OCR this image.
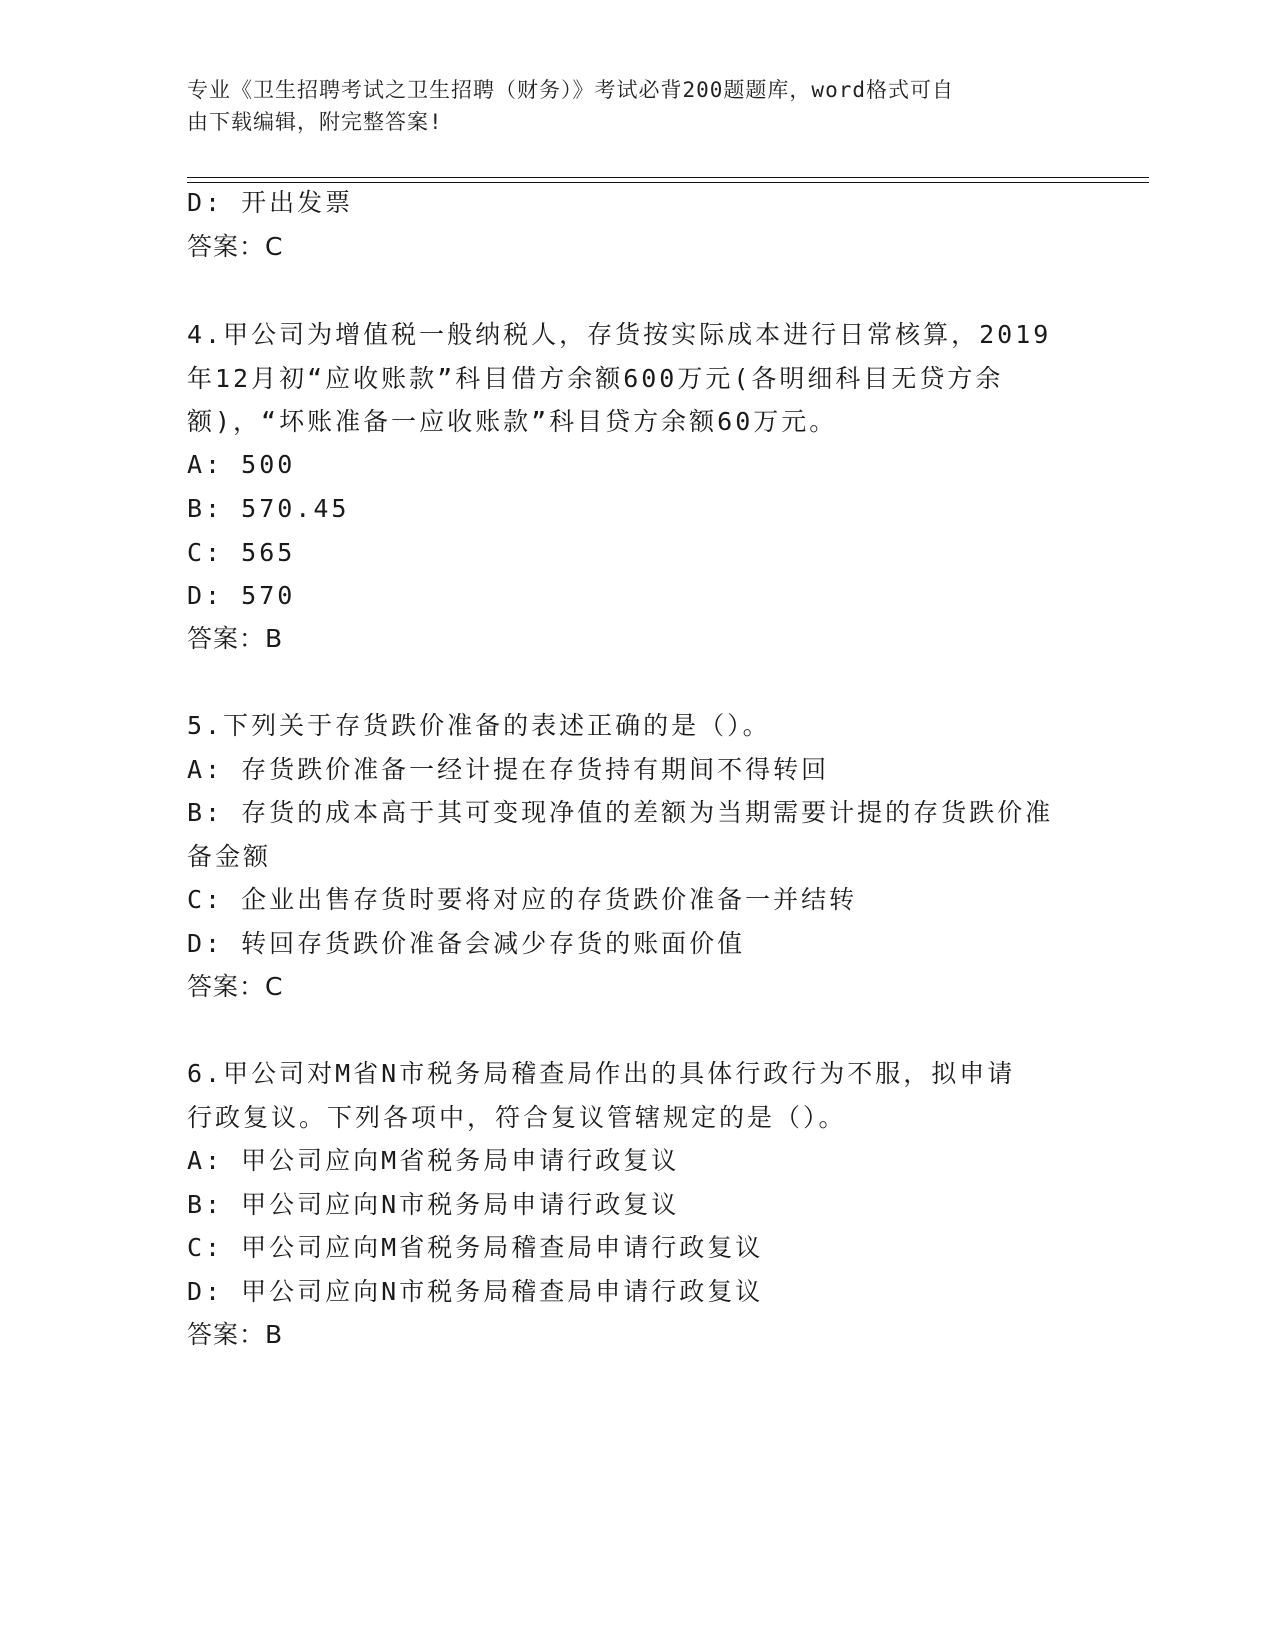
专业《卫生招聘考试之卫生招聘（财务）》考试必背200题题库，word格式可自
由下载编辑，附完整答案!
D: 开出发票
答案：C
4.甲公司为增值税一般纳税人，存货按实际成本进行日常核算，2019
年12月初“应收账款”科目借方余额600万元(各明细科目无贷方余
额)，“坏账准备一应收账款”科目贷方余额60万元。
A: 500
B: 570.45
C: 565
D: 570
答案：B
5.下列关于存货跌价准备的表述正确的是（）。
A: 存货跌价准备一经计提在存货持有期间不得转回
B: 存货的成本高于其可变现净值的差额为当期需要计提的存货跌价准
备金额
C: 企业出售存货时要将对应的存货跌价准备一并结转
D: 转回存货跌价准备会减少存货的账面价值
答案：C
6.甲公司对M省N市税务局稽查局作出的具体行政行为不服，拟申请
行政复议。下列各项中，符合复议管辖规定的是（）。
A: 甲公司应向M省税务局申请行政复议
B: 甲公司应向N市税务局申请行政复议
C: 甲公司应向M省税务局稽查局申请行政复议
D: 甲公司应向N市税务局稽查局申请行政复议
答案：B
